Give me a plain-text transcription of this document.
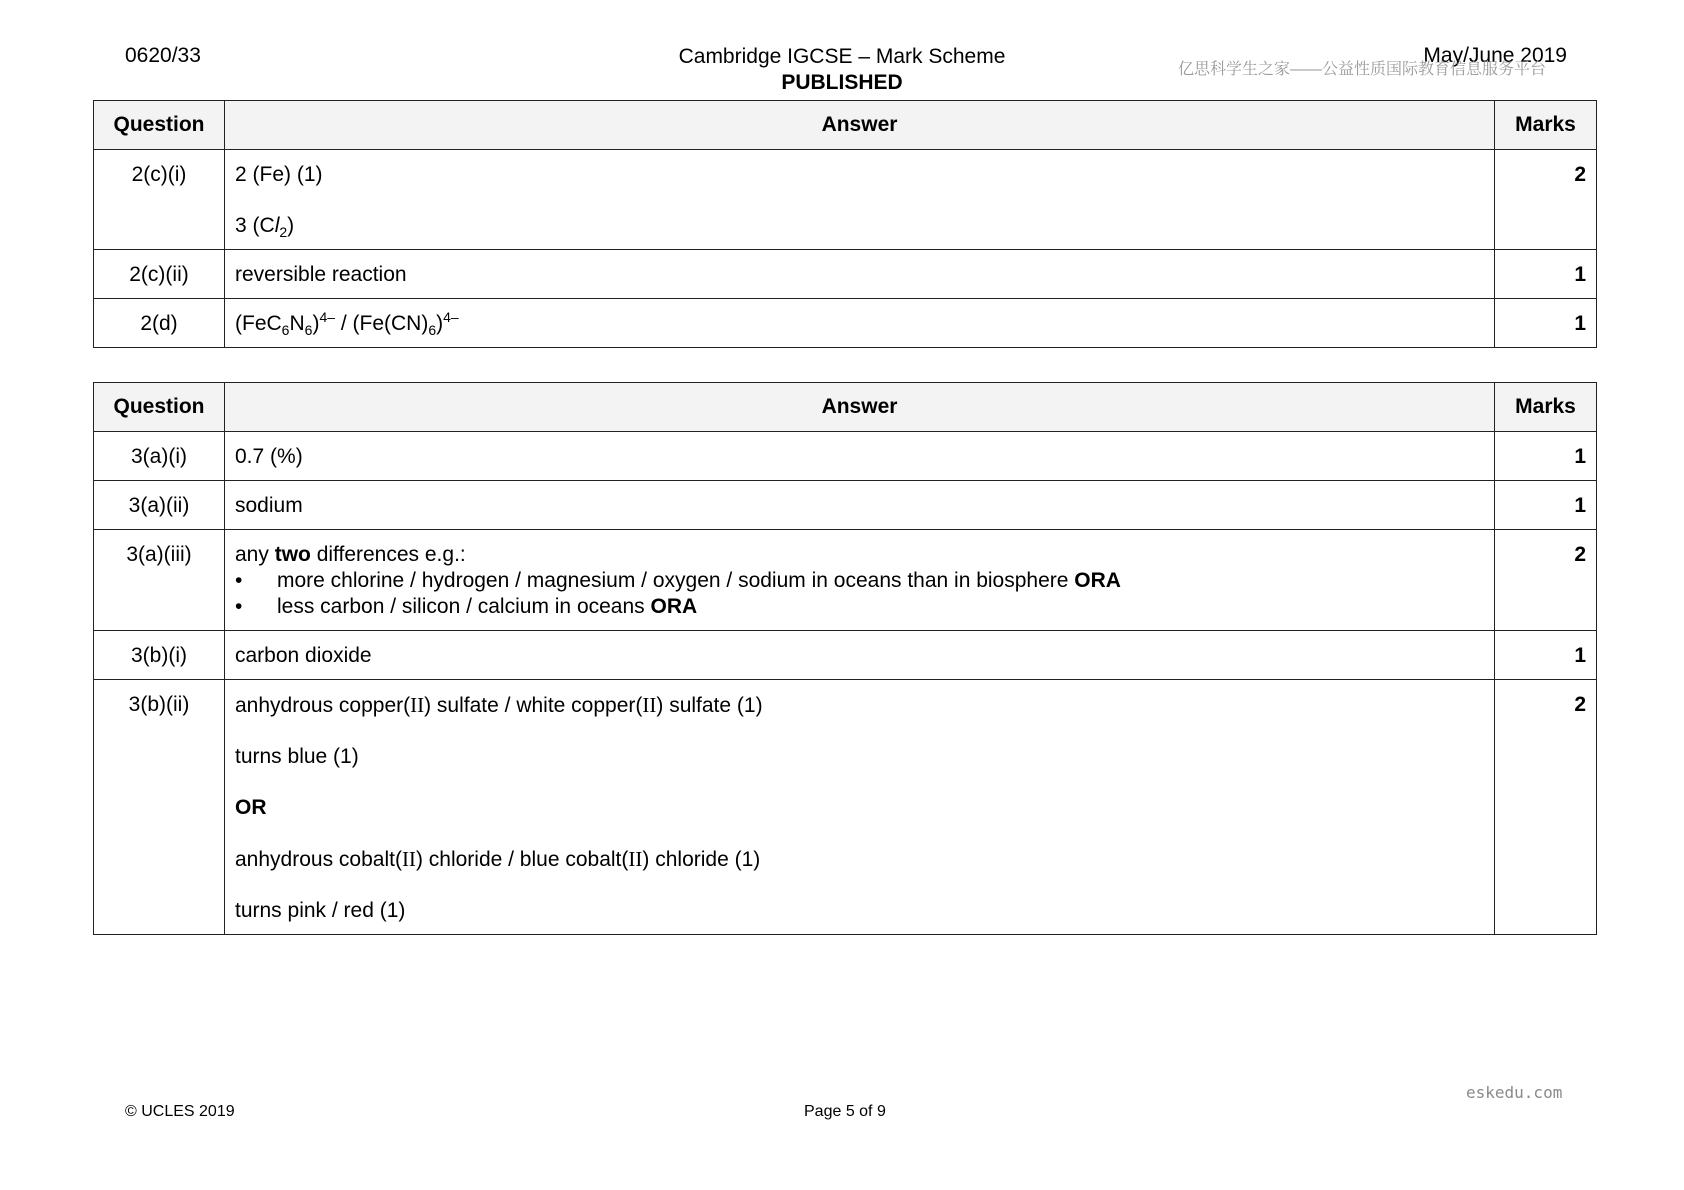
0620/33	Cambridge IGCSE – Mark Scheme
PUBLISHED
May/June 2019
亿思科学生之家——公益性质国际教育信息服务平台
Question	Answer	Marks
2(c)(i)	2 (Fe) (1)
3 $(Cl_2)$	2
2(c)(ii)	reversible reaction	1
2(d)	$(FeC_6N_6)^{4-} / (Fe(CN)_6)^{4-}$	1
Question	Answer	Marks
3(a)(i)	0.7 (%)	1
3(a)(ii)	sodium	1
3(a)(iii)	any two differences e.g.:
• more chlorine / hydrogen / magnesium / oxygen / sodium in oceans than in biosphere ORA
• less carbon / silicon / calcium in oceans ORA	2
3(b)(i)	carbon dioxide	1
3(b)(ii)	anhydrous copper(II) sulfate / white copper(II) sulfate (1)
turns blue (1)
OR
anhydrous cobalt(II) chloride / blue cobalt(II) chloride (1)
turns pink / red (1)	2
eskedu.com
© UCLES 2019	Page 5 of 9
